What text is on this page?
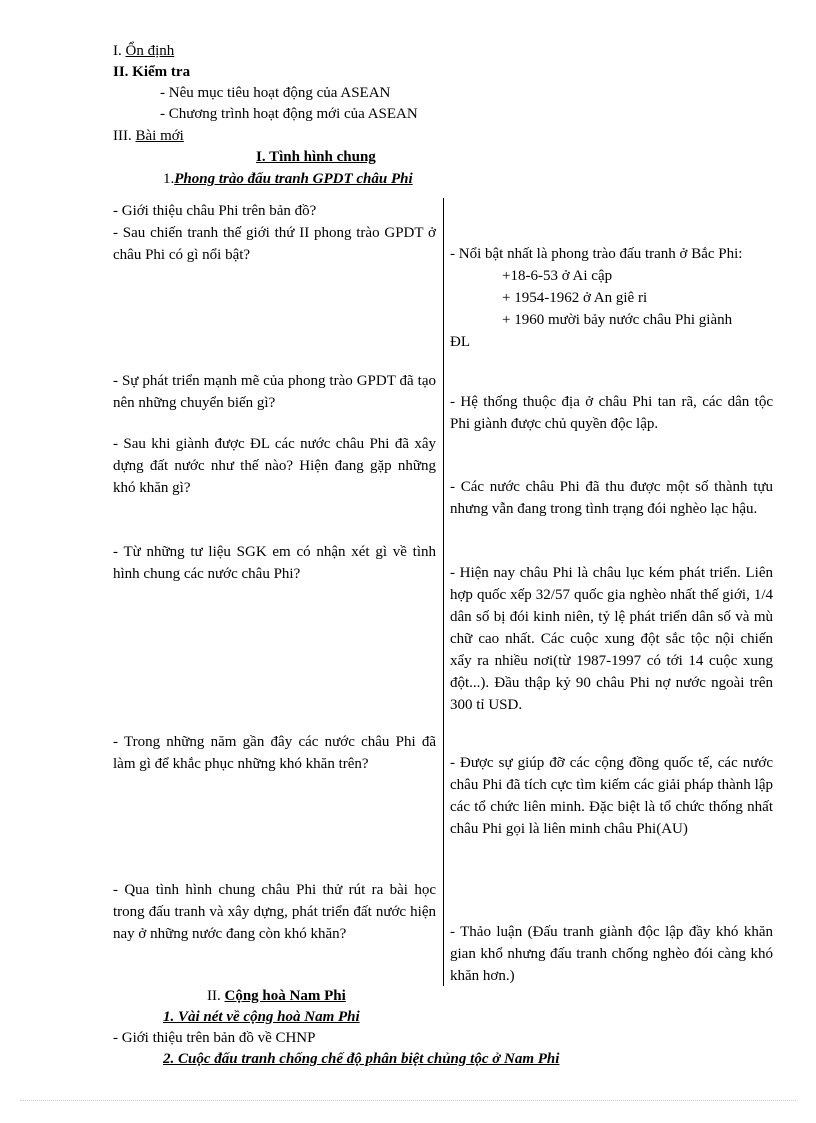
I. Ổn định
II. Kiểm tra
- Nêu mục tiêu hoạt động của ASEAN
- Chương trình hoạt động mới của ASEAN
III. Bài mới
I. Tình hình chung
1.Phong trào đấu tranh GPDT châu Phi

- Giới thiệu châu Phi trên bản đồ?

- Sau chiến tranh thế giới thứ II phong trào GPDT ở châu Phi có gì nổi bật?

- Sự phát triển mạnh mẽ của phong trào GPDT đã tạo nên những chuyển biến gì?

- Sau khi giành được ĐL các nước châu Phi đã xây dựng đất nước như thế nào? Hiện đang gặp những khó khăn gì?

- Từ những tư liệu SGK em có nhận xét gì về tình hình chung các nước châu Phi?

- Trong những năm gần đây các nước châu Phi đã làm gì để khắc phục những khó khăn trên?

- Qua tình hình chung châu Phi thử rút ra bài học trong đấu tranh và xây dựng, phát triển đất nước hiện nay ở những nước đang còn khó khăn?

- Nổi bật nhất là phong trào đấu tranh ở Bắc Phi:

+18-6-53 ở Ai cập
+ 1954-1962 ở An giê ri
+ 1960 mười bảy nước châu Phi giành

ĐL

- Hệ thống thuộc địa ở châu Phi tan rã, các dân tộc Phi giành được chủ quyền độc lập.

- Các nước châu Phi đã thu được một số thành tựu nhưng vẫn đang trong tình trạng đói nghèo lạc hậu.

- Hiện nay châu Phi là châu lục kém phát triển. Liên hợp quốc xếp 32/57 quốc gia nghèo nhất thế giới, 1/4 dân số bị đói kinh niên, tỷ lệ phát triển dân số và mù chữ cao nhất. Các cuộc xung đột sắc tộc nội chiến xẩy ra nhiều nơi(từ 1987-1997 có tới 14 cuộc xung đột...). Đầu thập kỷ 90 châu Phi nợ nước ngoài trên 300 tỉ USD.

- Được sự giúp đỡ các cộng đồng quốc tế, các nước châu Phi đã tích cực tìm kiếm các giải pháp thành lập các tổ chức liên minh. Đặc biệt là tổ chức thống nhất châu Phi gọi là liên minh châu Phi(AU)

- Thảo luận (Đấu tranh giành độc lập đầy khó khăn gian khổ nhưng đấu tranh chống nghèo đói càng khó khăn hơn.)

II. Cộng hoà Nam Phi
1. Vài nét về cộng hoà Nam Phi
- Giới thiệu trên bản đồ về CHNP
2. Cuộc đấu tranh chống chế độ phân biệt chủng tộc ở Nam Phi
